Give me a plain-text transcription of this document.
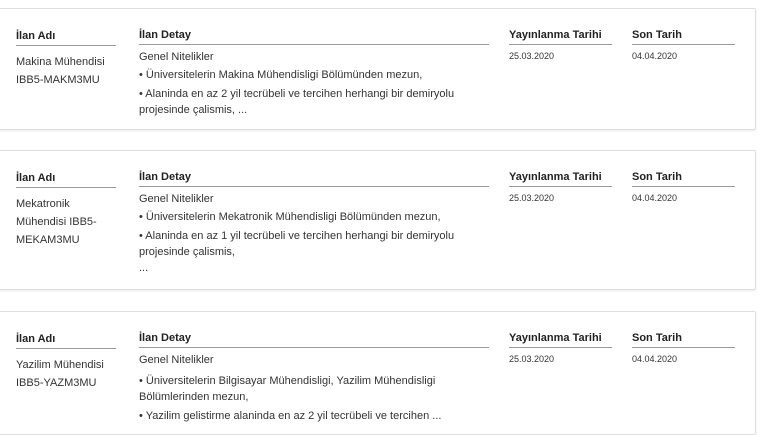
İlan Adı
Makina Mühendisi IBB5-MAKM3MU
İlan Detay
Genel Nitelikler
• Üniversitelerin Makina Mühendisligi Bölümünden mezun,
• Alaninda en az 2 yil tecrübeli ve tercihen herhangi bir demiryolu projesinde çalismis, ...
Yayınlanma Tarihi
25.03.2020
Son Tarih
04.04.2020
İlan Adı
Mekatronik Mühendisi IBB5-MEKAM3MU
İlan Detay
Genel Nitelikler
• Üniversitelerin Mekatronik Mühendisligi Bölümünden mezun,
• Alaninda en az 1 yil tecrübeli ve tercihen herhangi bir demiryolu projesinde çalismis,
...
Yayınlanma Tarihi
25.03.2020
Son Tarih
04.04.2020
İlan Adı
Yazilim Mühendisi IBB5-YAZM3MU
İlan Detay
Genel Nitelikler
• Üniversitelerin Bilgisayar Mühendisligi, Yazilim Mühendisligi Bölümlerinden mezun,
• Yazilim gelistirme alaninda en az 2 yil tecrübeli ve tercihen ...
Yayınlanma Tarihi
25.03.2020
Son Tarih
04.04.2020
